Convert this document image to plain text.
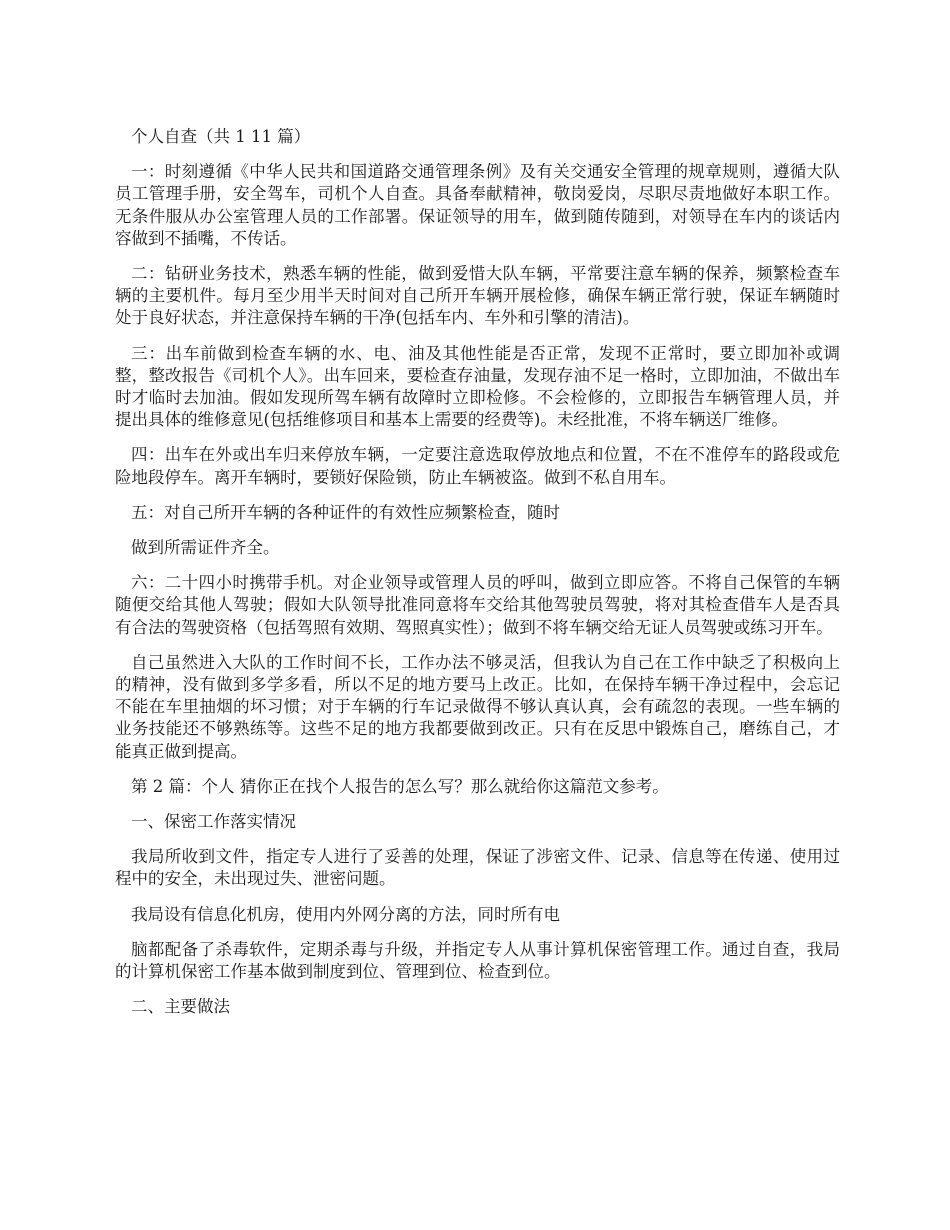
个人自查（共 1 11 篇）

一：时刻遵循《中华人民共和国道路交通管理条例》及有关交通安全管理的规章规则，遵循大队员工管理手册，安全驾车，司机个人自查。具备奉献精神，敬岗爱岗，尽职尽责地做好本职工作。无条件服从办公室管理人员的工作部署。保证领导的用车，做到随传随到，对领导在车内的谈话内容做到不插嘴，不传话。

二：钻研业务技术，熟悉车辆的性能，做到爱惜大队车辆，平常要注意车辆的保养，频繁检查车辆的主要机件。每月至少用半天时间对自己所开车辆开展检修，确保车辆正常行驶，保证车辆随时处于良好状态，并注意保持车辆的干净(包括车内、车外和引擎的清洁)。

三：出车前做到检查车辆的水、电、油及其他性能是否正常，发现不正常时，要立即加补或调整，整改报告《司机个人》。出车回来，要检查存油量，发现存油不足一格时，立即加油，不做出车时才临时去加油。假如发现所驾车辆有故障时立即检修。不会检修的，立即报告车辆管理人员，并提出具体的维修意见(包括维修项目和基本上需要的经费等)。未经批准，不将车辆送厂维修。

四：出车在外或出车归来停放车辆，一定要注意选取停放地点和位置，不在不准停车的路段或危险地段停车。离开车辆时，要锁好保险锁，防止车辆被盗。做到不私自用车。

五：对自己所开车辆的各种证件的有效性应频繁检查，随时

做到所需证件齐全。

六：二十四小时携带手机。对企业领导或管理人员的呼叫，做到立即应答。不将自己保管的车辆随便交给其他人驾驶；假如大队领导批准同意将车交给其他驾驶员驾驶，将对其检查借车人是否具有合法的驾驶资格（包括驾照有效期、驾照真实性）；做到不将车辆交给无证人员驾驶或练习开车。

自己虽然进入大队的工作时间不长，工作办法不够灵活，但我认为自己在工作中缺乏了积极向上的精神，没有做到多学多看，所以不足的地方要马上改正。比如，在保持车辆干净过程中，会忘记不能在车里抽烟的坏习惯；对于车辆的行车记录做得不够认真认真，会有疏忽的表现。一些车辆的业务技能还不够熟练等。这些不足的地方我都要做到改正。只有在反思中锻炼自己，磨练自己，才能真正做到提高。

第 2 篇：个人 猜你正在找个人报告的怎么写？那么就给你这篇范文参考。

一、保密工作落实情况

我局所收到文件，指定专人进行了妥善的处理，保证了涉密文件、记录、信息等在传递、使用过程中的安全，未出现过失、泄密问题。

我局设有信息化机房，使用内外网分离的方法，同时所有电

脑都配备了杀毒软件，定期杀毒与升级，并指定专人从事计算机保密管理工作。通过自查，我局的计算机保密工作基本做到制度到位、管理到位、检查到位。

二、主要做法
